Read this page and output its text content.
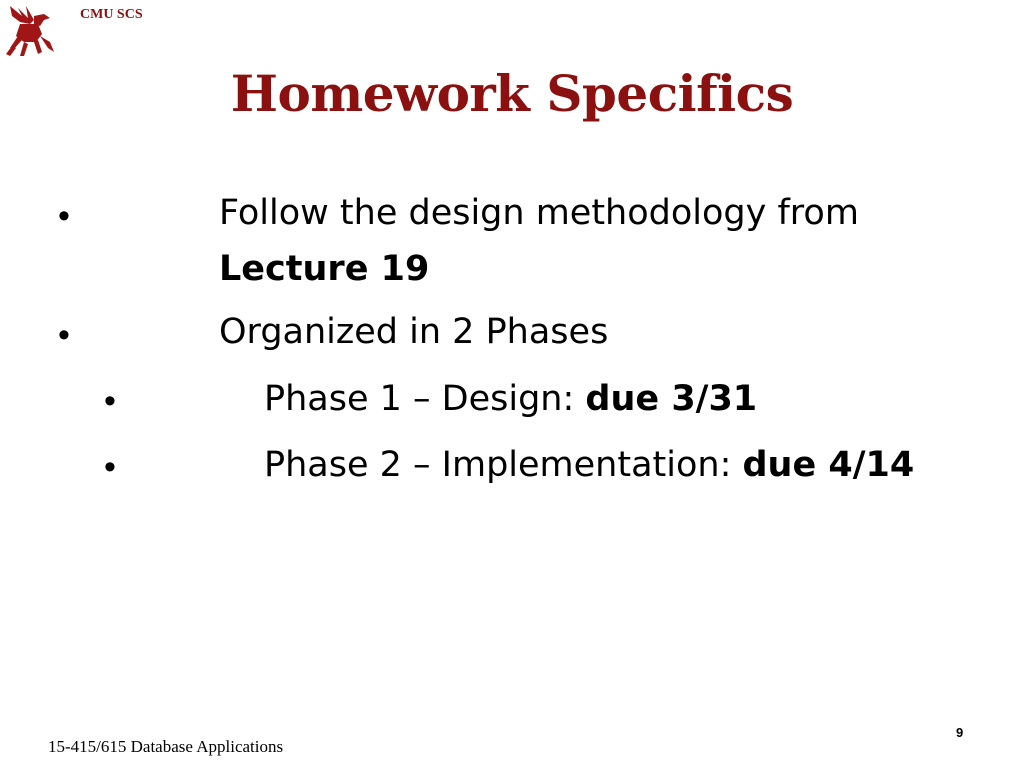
CMU SCS
Homework Specifics
•	Follow the design methodology from
Lecture 19
•	Organized in 2 Phases
•	Phase 1 – Design: due 3/31
•	Phase 2 – Implementation: due 4/14
15-415/615 Database Applications
9
